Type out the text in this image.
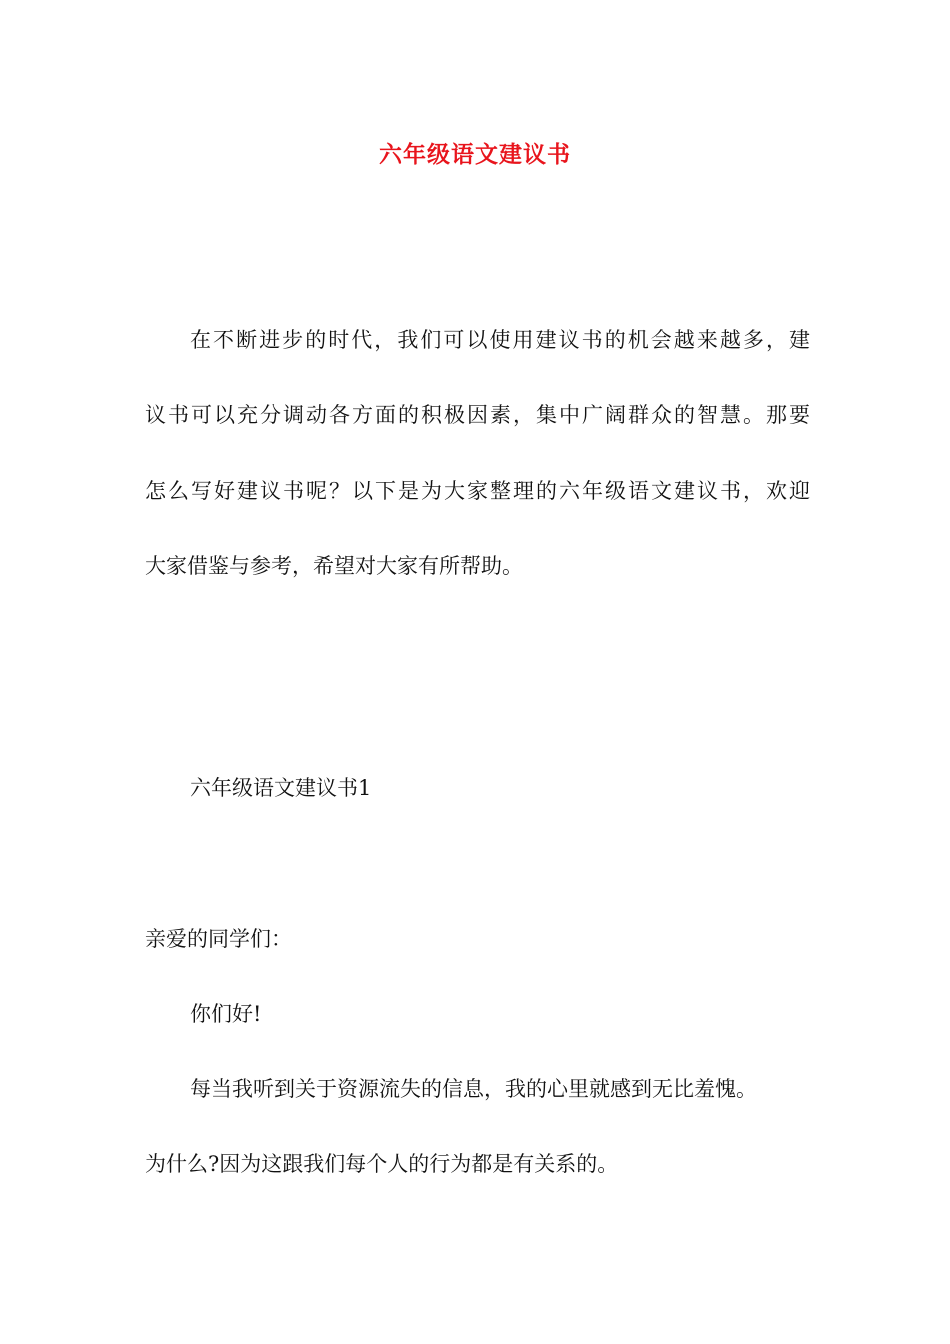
六年级语文建议书
在不断进步的时代，我们可以使用建议书的机会越来越多，建
议书可以充分调动各方面的积极因素，集中广阔群众的智慧。那要
怎么写好建议书呢？以下是为大家整理的六年级语文建议书，欢迎
大家借鉴与参考，希望对大家有所帮助。
六年级语文建议书1
亲爱的同学们：
你们好!
每当我听到关于资源流失的信息，我的心里就感到无比羞愧。
为什么?因为这跟我们每个人的行为都是有关系的。
